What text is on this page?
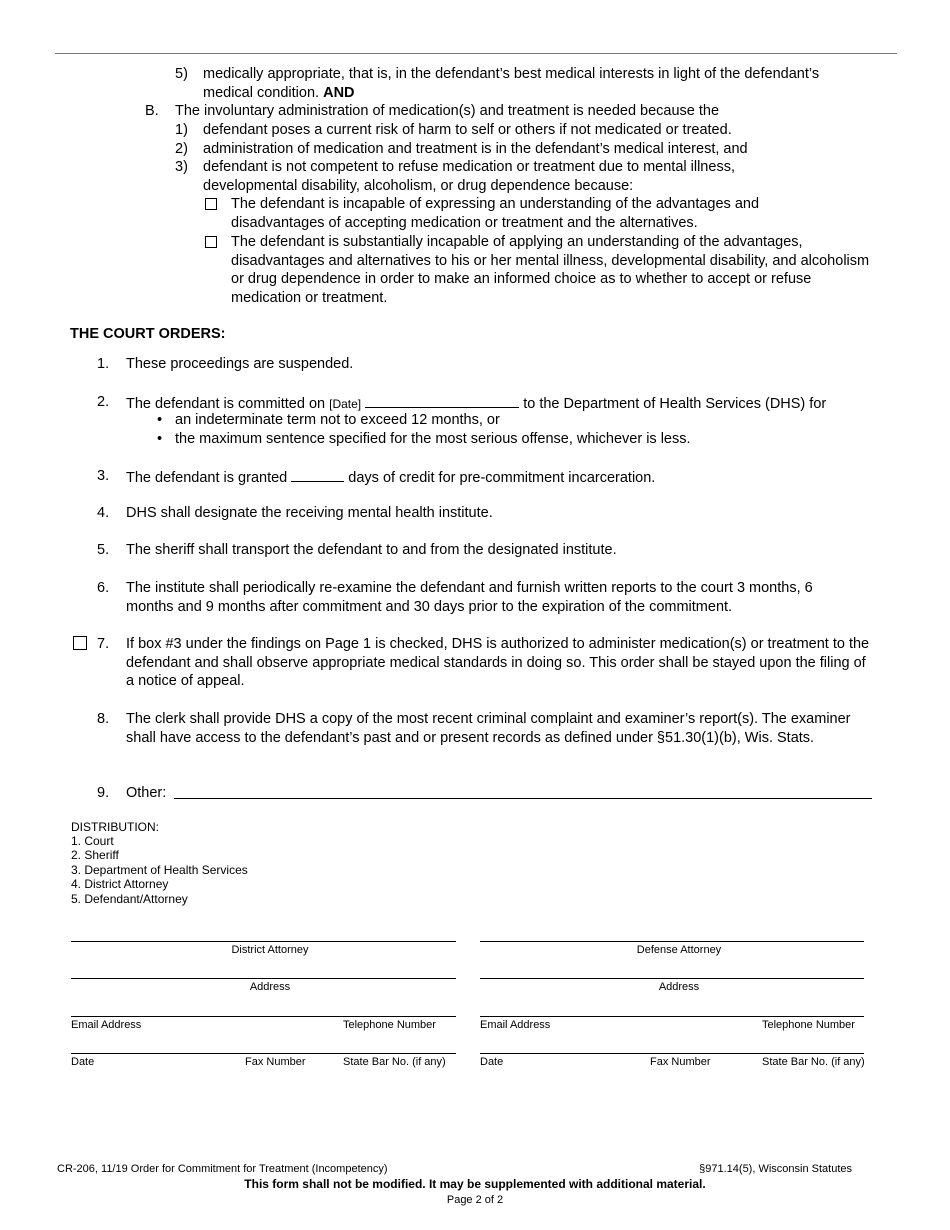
5) medically appropriate, that is, in the defendant’s best medical interests in light of the defendant’s medical condition. AND
B. The involuntary administration of medication(s) and treatment is needed because the
1) defendant poses a current risk of harm to self or others if not medicated or treated.
2) administration of medication and treatment is in the defendant’s medical interest, and
3) defendant is not competent to refuse medication or treatment due to mental illness, developmental disability, alcoholism, or drug dependence because:
The defendant is incapable of expressing an understanding of the advantages and disadvantages of accepting medication or treatment and the alternatives.
The defendant is substantially incapable of applying an understanding of the advantages, disadvantages and alternatives to his or her mental illness, developmental disability, and alcoholism or drug dependence in order to make an informed choice as to whether to accept or refuse medication or treatment.
THE COURT ORDERS:
1. These proceedings are suspended.
2. The defendant is committed on [Date]	to the Department of Health Services (DHS) for
• an indeterminate term not to exceed 12 months, or
• the maximum sentence specified for the most serious offense, whichever is less.
3. The defendant is granted	days of credit for pre-commitment incarceration.
4. DHS shall designate the receiving mental health institute.
5. The sheriff shall transport the defendant to and from the designated institute.
6. The institute shall periodically re-examine the defendant and furnish written reports to the court 3 months, 6 months and 9 months after commitment and 30 days prior to the expiration of the commitment.
7. If box #3 under the findings on Page 1 is checked, DHS is authorized to administer medication(s) or treatment to the defendant and shall observe appropriate medical standards in doing so. This order shall be stayed upon the filing of a notice of appeal.
8. The clerk shall provide DHS a copy of the most recent criminal complaint and examiner’s report(s). The examiner shall have access to the defendant’s past and or present records as defined under §51.30(1)(b), Wis. Stats.
9. Other:
DISTRIBUTION:
1. Court
2. Sheriff
3. Department of Health Services
4. District Attorney
5. Defendant/Attorney
District Attorney
Address
Email Address	Telephone Number
Date	Fax Number	State Bar No. (if any)
Defense Attorney
Address
Email Address	Telephone Number
Date	Fax Number	State Bar No. (if any)
CR-206, 11/19 Order for Commitment for Treatment (Incompetency)	§971.14(5), Wisconsin Statutes
This form shall not be modified. It may be supplemented with additional material.
Page 2 of 2
